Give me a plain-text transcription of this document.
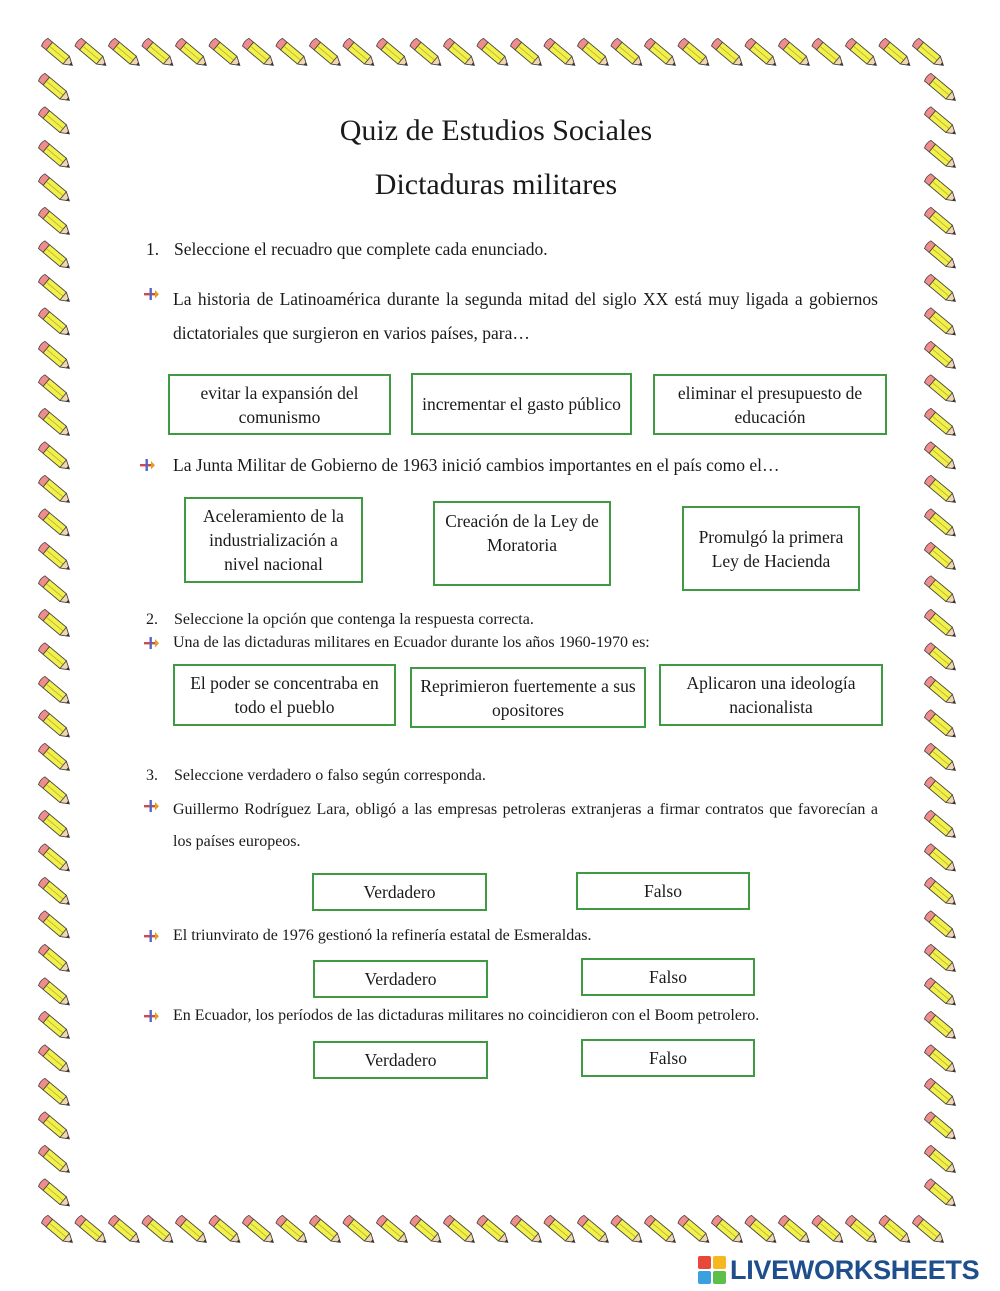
Quiz de Estudios Sociales
Dictaduras militares
1. Seleccione el recuadro que complete cada enunciado.
La historia de Latinoamérica durante la segunda mitad del siglo XX está muy ligada a gobiernos dictatoriales que surgieron en varios países, para…
evitar la expansión del comunismo
incrementar el gasto público
eliminar el presupuesto de educación
La Junta Militar de Gobierno de 1963 inició cambios importantes en el país como el…
Aceleramiento de la industrialización a nivel nacional
Creación de la Ley de Moratoria	Promulgó la primera Ley de Hacienda
2. Seleccione la opción que contenga la respuesta correcta.
Una de las dictaduras militares en Ecuador durante los años 1960-1970 es:
El poder se concentraba en todo el pueblo
Reprimieron fuertemente a sus opositores
Aplicaron una ideología nacionalista
3. Seleccione verdadero o falso según corresponda.
Guillermo Rodríguez Lara, obligó a las empresas petroleras extranjeras a firmar contratos que favorecían a los países europeos.
Verdadero	Falso
El triunvirato de 1976 gestionó la refinería estatal de Esmeraldas.
Verdadero	Falso
En Ecuador, los períodos de las dictaduras militares no coincidieron con el Boom petrolero.
Verdadero	Falso
LIVEWORKSHEETS
